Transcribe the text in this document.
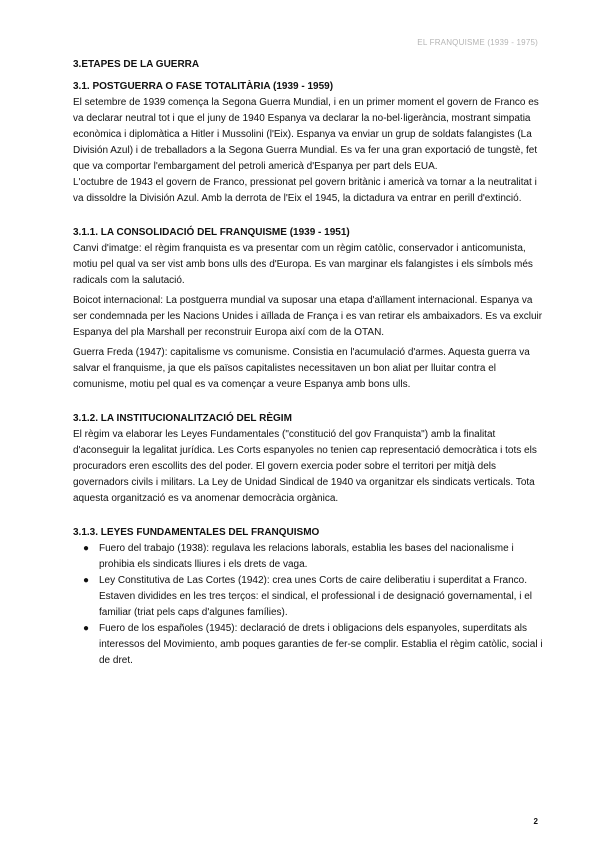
EL FRANQUISME (1939 - 1975)
3.ETAPES DE LA GUERRA
3.1. POSTGUERRA O FASE TOTALITÀRIA (1939 - 1959)

El setembre de 1939 comença la Segona Guerra Mundial, i en un primer moment el govern de Franco es va declarar neutral tot i que el juny de 1940 Espanya va declarar la no-bel·ligerància, mostrant simpatia econòmica i diplomàtica a Hitler i Mussolini (l'Eix). Espanya va enviar un grup de soldats falangistes (La División Azul) i de treballadors a la Segona Guerra Mundial. Es va fer una gran exportació de tungstè, fet que va comportar l'embargament del petroli americà d'Espanya per part dels EUA.

L'octubre de 1943 el govern de Franco, pressionat pel govern britànic i americà va tornar a la neutralitat i va dissoldre la División Azul. Amb la derrota de l'Eix el 1945, la dictadura va entrar en perill d'extinció.

3.1.1. LA CONSOLIDACIÓ DEL FRANQUISME (1939 - 1951)

Canvi d'imatge: el règim franquista es va presentar com un règim catòlic, conservador i anticomunista, motiu pel qual va ser vist amb bons ulls des d'Europa. Es van marginar els falangistes i els símbols més radicals com la salutació.

Boicot internacional: La postguerra mundial va suposar una etapa d'aïllament internacional. Espanya va ser condemnada per les Nacions Unides i aïllada de França i es van retirar els ambaixadors. Es va excluir Espanya del pla Marshall per reconstruir Europa així com de la OTAN.

Guerra Freda (1947): capitalisme vs comunisme. Consistia en l'acumulació d'armes. Aquesta guerra va salvar el franquisme, ja que els països capitalistes necessitaven un bon aliat per lluitar contra el comunisme, motiu pel qual es va començar a veure Espanya amb bons ulls.

3.1.2. LA INSTITUCIONALITZACIÓ DEL RÈGIM

El règim va elaborar les Leyes Fundamentales ("constitució del gov Franquista") amb la finalitat d'aconseguir la legalitat jurídica. Les Corts espanyoles no tenien cap representació democràtica i tots els procuradors eren escollits des del poder. El govern exercia poder sobre el territori per mitjà dels governadors civils i militars. La Ley de Unidad Sindical de 1940 va organitzar els sindicats verticals. Tota aquesta organització es va anomenar democràcia orgànica.

3.1.3. LEYES FUNDAMENTALES DEL FRANQUISMO
● Fuero del trabajo (1938): regulava les relacions laborals, establia les bases del nacionalisme i prohibia els sindicats lliures i els drets de vaga.
● Ley Constitutiva de Las Cortes (1942): crea unes Corts de caire deliberatiu i superditat a Franco. Estaven dividides en les tres terços: el sindical, el professional i de designació governamental, i el familiar (triat pels caps d'algunes famílies).
● Fuero de los españoles (1945): declaració de drets i obligacions dels espanyoles, superditats als interessos del Movimiento, amb poques garanties de fer-se complir. Establia el règim catòlic, social i de dret.
2
